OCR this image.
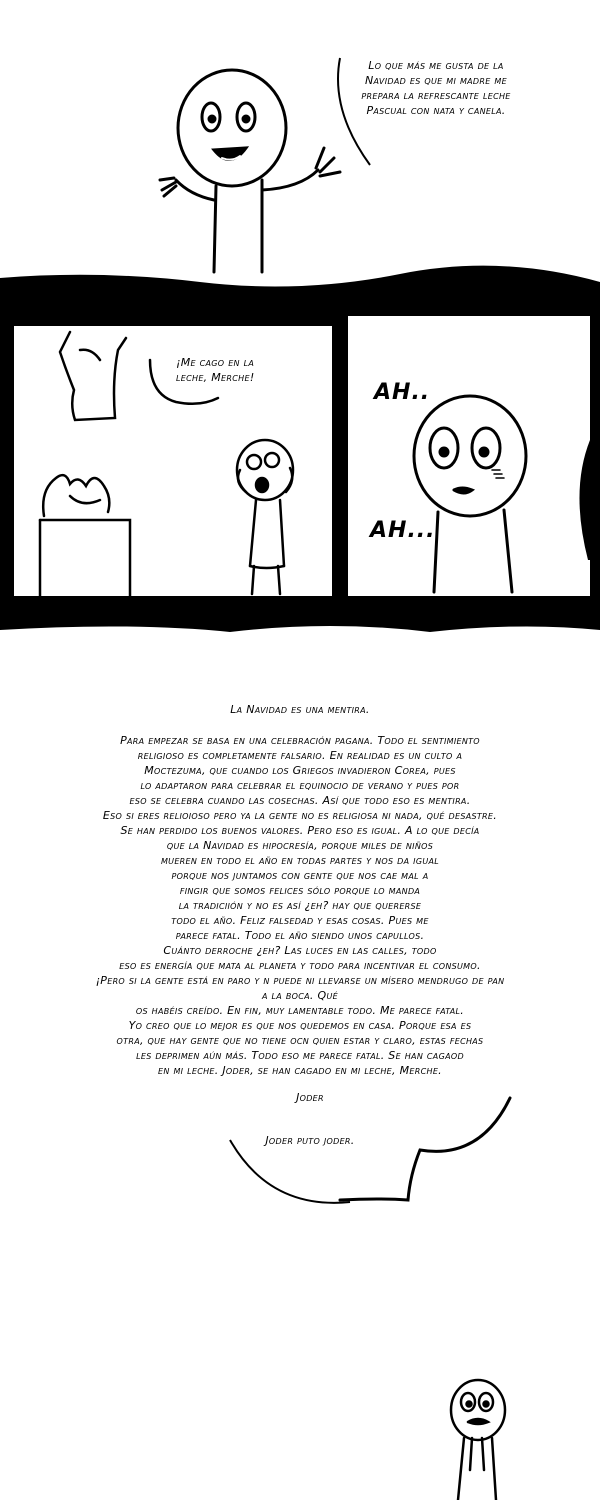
Lo que más me gusta de la Navidad es que mi madre me prepara la refrescante leche Pascual con nata y canela.
¡Me cago en la leche, Merche!
AH..
AH...
La Navidad es una mentira.
Para empezar se basa en una celebración pagana. Todo el sentimiento
religioso es completamente falsario. En realidad es un culto a
Moctezuma, que cuando los Griegos invadieron Corea, pues
lo adaptaron para celebrar el equinocio de verano y pues por
eso se celebra cuando las cosechas. Así que todo eso es mentira.
Eso si eres relioioso pero ya la gente no es religiosa ni nada, qué desastre.
Se han perdido los buenos valores. Pero eso es igual. A lo que decía
que la Navidad es hipocresía, porque miles de niños
mueren en todo el año en todas partes y nos da igual
porque nos juntamos con gente que nos cae mal a
fingir que somos felices sólo porque lo manda
la tradiciión y no es así ¿eh? hay que quererse
todo el año. Feliz falsedad y esas cosas. Pues me
parece fatal. Todo el año siendo unos capullos.
Cuánto derroche ¿eh? Las luces en las calles, todo
eso es energía que mata al planeta y todo para incentivar el consumo.
¡Pero si la gente está en paro y n puede ni llevarse un mísero mendrugo de pan
a la boca. Qué
os habéis creído. En fin, muy lamentable todo. Me parece fatal.
Yo creo que lo mejor es que nos quedemos en casa. Porque esa es
otra, que hay gente que no tiene ocn quien estar y claro, estas fechas
les deprimen aún más. Todo eso me parece fatal. Se han cagaod
en mi leche. Joder, se han cagado en mi leche, Merche.
Joder
Joder puto joder.
